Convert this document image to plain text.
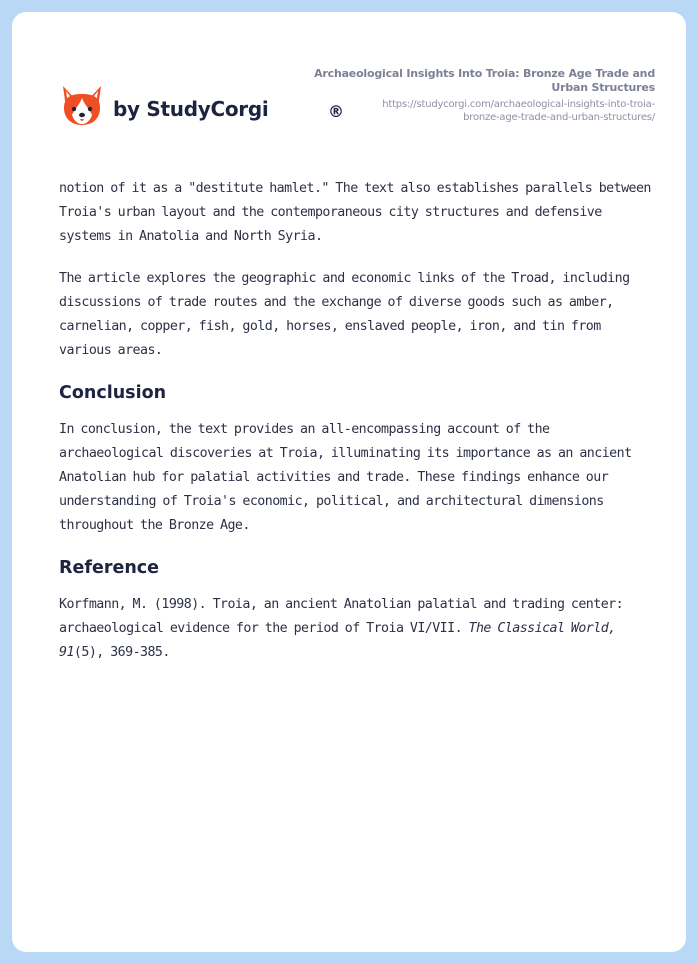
by StudyCorgi	®
Archaeological Insights Into Troia: Bronze Age Trade and
Urban Structures
https://studycorgi.com/archaeological-insights-into-troia-
bronze-age-trade-and-urban-structures/

notion of it as a "destitute hamlet." The text also establishes parallels between Troia's urban layout and the contemporaneous city structures and defensive systems in Anatolia and North Syria.

The article explores the geographic and economic links of the Troad, including discussions of trade routes and the exchange of diverse goods such as amber, carnelian, copper, fish, gold, horses, enslaved people, iron, and tin from various areas.

Conclusion

In conclusion, the text provides an all-encompassing account of the archaeological discoveries at Troia, illuminating its importance as an ancient Anatolian hub for palatial activities and trade. These findings enhance our understanding of Troia's economic, political, and architectural dimensions throughout the Bronze Age.

Reference

Korfmann, M. (1998). Troia, an ancient Anatolian palatial and trading center: archaeological evidence for the period of Troia VI/VII. The Classical World, 91(5), 369-385.
